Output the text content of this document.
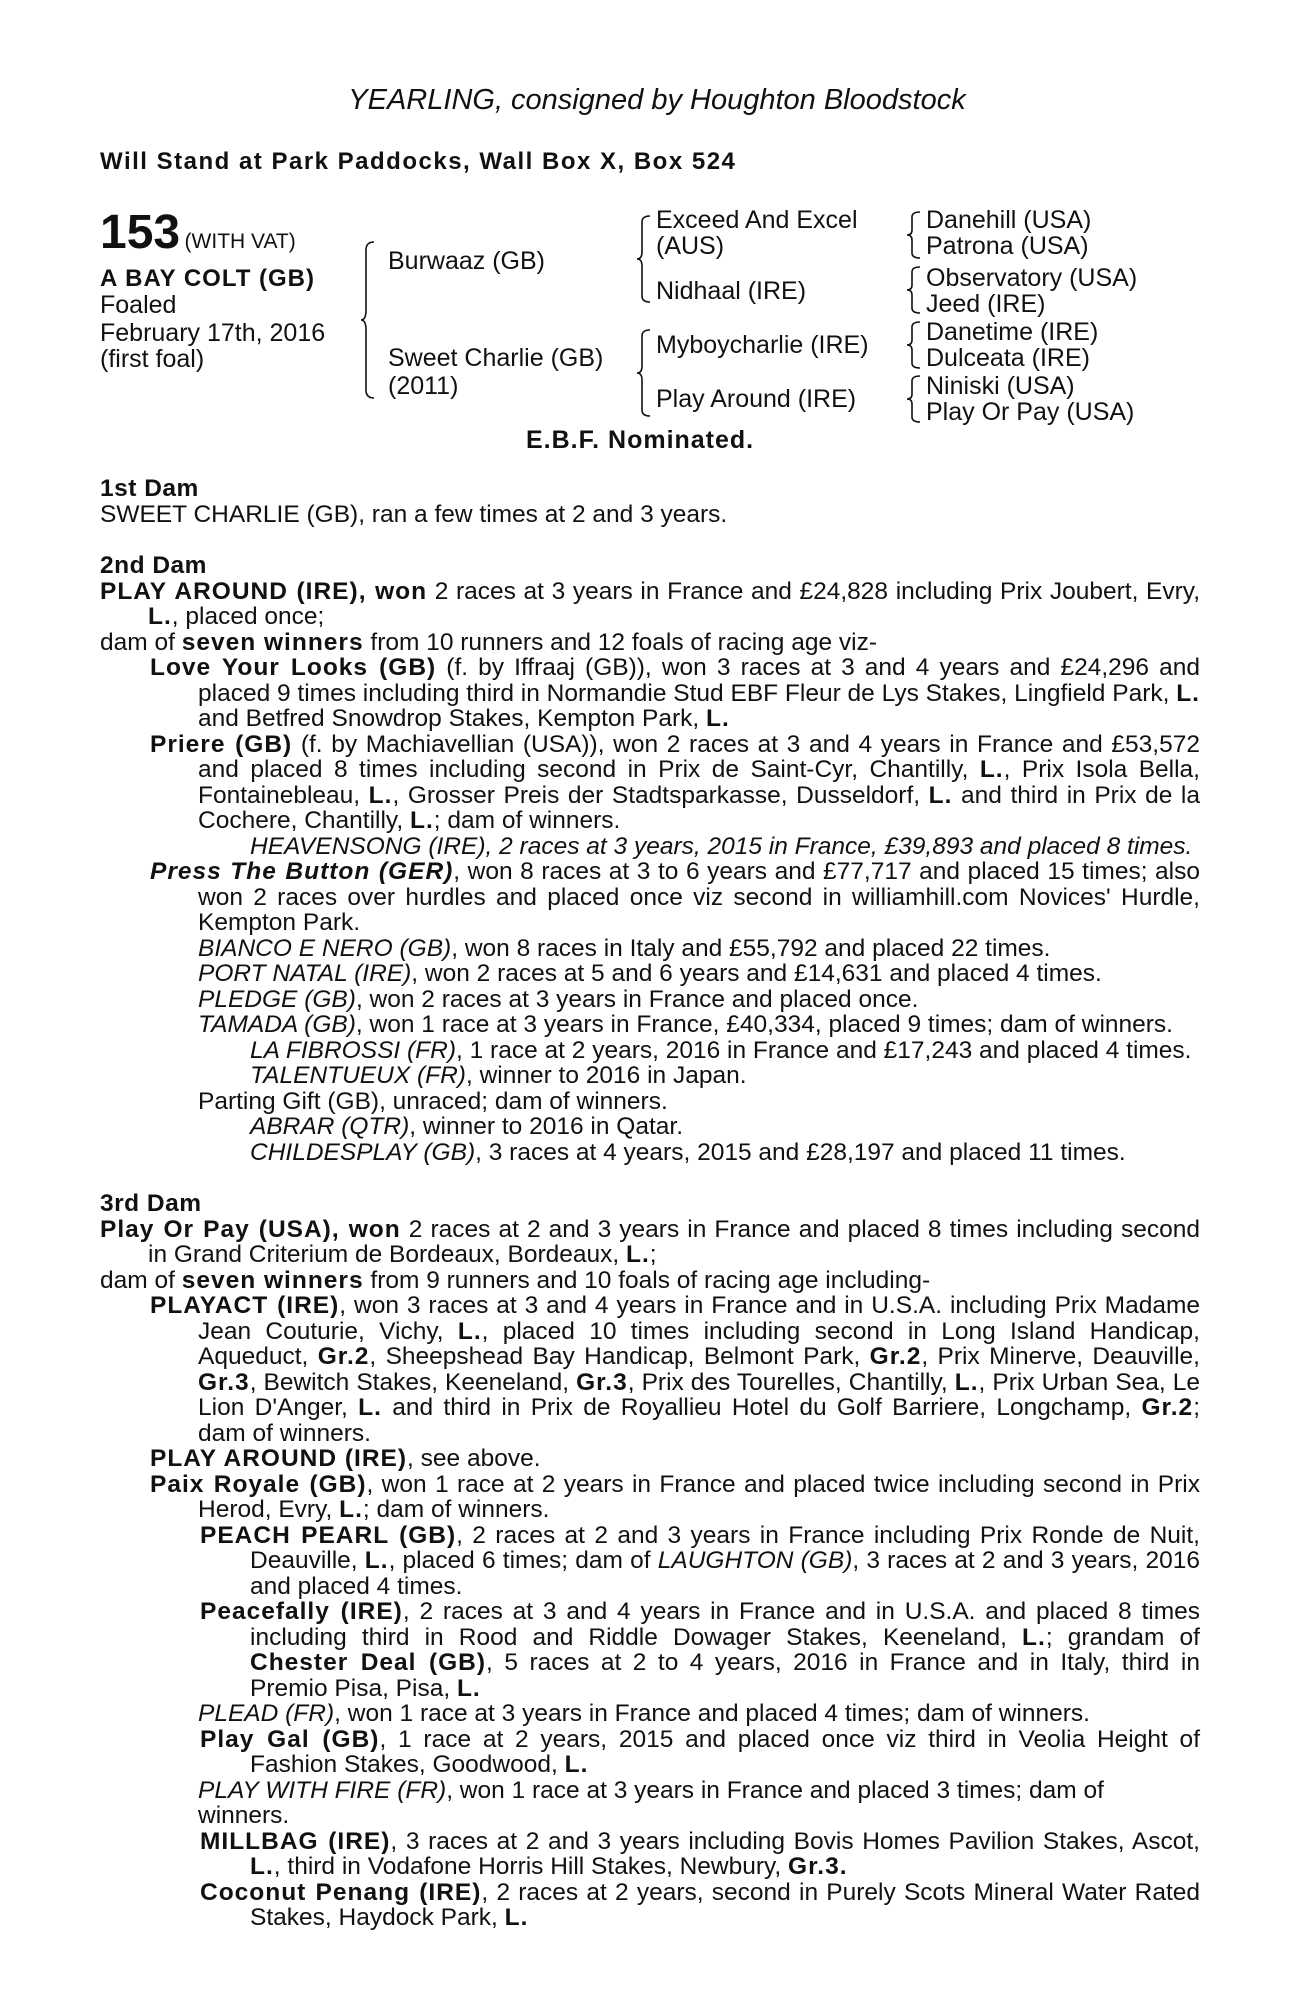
YEARLING, consigned by Houghton Bloodstock
Will Stand at Park Paddocks, Wall Box X, Box 524
153 (WITH VAT)
A BAY COLT (GB)
Foaled
February 17th, 2016
(first foal)
Burwaaz (GB)
Sweet Charlie (GB)
(2011)
Exceed And Excel
(AUS)
Nidhaal (IRE)
Myboycharlie (IRE)
Play Around (IRE)
Danehill (USA)
Patrona (USA)
Observatory (USA)
Jeed (IRE)
Danetime (IRE)
Dulceata (IRE)
Niniski (USA)
Play Or Pay (USA)
E.B.F. Nominated.
1st Dam
SWEET CHARLIE (GB), ran a few times at 2 and 3 years.
2nd Dam
PLAY AROUND (IRE), won 2 races at 3 years in France and £24,828 including Prix Joubert, Evry, L., placed once;
dam of seven winners from 10 runners and 12 foals of racing age viz-
Love Your Looks (GB) (f. by Iffraaj (GB)), won 3 races at 3 and 4 years and £24,296 and placed 9 times including third in Normandie Stud EBF Fleur de Lys Stakes, Lingfield Park, L. and Betfred Snowdrop Stakes, Kempton Park, L.
Priere (GB) (f. by Machiavellian (USA)), won 2 races at 3 and 4 years in France and £53,572 and placed 8 times including second in Prix de Saint-Cyr, Chantilly, L., Prix Isola Bella, Fontainebleau, L., Grosser Preis der Stadtsparkasse, Dusseldorf, L. and third in Prix de la Cochere, Chantilly, L.; dam of winners.
HEAVENSONG (IRE), 2 races at 3 years, 2015 in France, £39,893 and placed 8 times.
Press The Button (GER), won 8 races at 3 to 6 years and £77,717 and placed 15 times; also won 2 races over hurdles and placed once viz second in williamhill.com Novices' Hurdle, Kempton Park.
BIANCO E NERO (GB), won 8 races in Italy and £55,792 and placed 22 times.
PORT NATAL (IRE), won 2 races at 5 and 6 years and £14,631 and placed 4 times.
PLEDGE (GB), won 2 races at 3 years in France and placed once.
TAMADA (GB), won 1 race at 3 years in France, £40,334, placed 9 times; dam of winners.
LA FIBROSSI (FR), 1 race at 2 years, 2016 in France and £17,243 and placed 4 times.
TALENTUEUX (FR), winner to 2016 in Japan.
Parting Gift (GB), unraced; dam of winners.
ABRAR (QTR), winner to 2016 in Qatar.
CHILDESPLAY (GB), 3 races at 4 years, 2015 and £28,197 and placed 11 times.
3rd Dam
Play Or Pay (USA), won 2 races at 2 and 3 years in France and placed 8 times including second in Grand Criterium de Bordeaux, Bordeaux, L.;
dam of seven winners from 9 runners and 10 foals of racing age including-
PLAYACT (IRE), won 3 races at 3 and 4 years in France and in U.S.A. including Prix Madame Jean Couturie, Vichy, L., placed 10 times including second in Long Island Handicap, Aqueduct, Gr.2, Sheepshead Bay Handicap, Belmont Park, Gr.2, Prix Minerve, Deauville, Gr.3, Bewitch Stakes, Keeneland, Gr.3, Prix des Tourelles, Chantilly, L., Prix Urban Sea, Le Lion D'Anger, L. and third in Prix de Royallieu Hotel du Golf Barriere, Longchamp, Gr.2; dam of winners.
PLAY AROUND (IRE), see above.
Paix Royale (GB), won 1 race at 2 years in France and placed twice including second in Prix Herod, Evry, L.; dam of winners.
PEACH PEARL (GB), 2 races at 2 and 3 years in France including Prix Ronde de Nuit, Deauville, L., placed 6 times; dam of LAUGHTON (GB), 3 races at 2 and 3 years, 2016 and placed 4 times.
Peacefally (IRE), 2 races at 3 and 4 years in France and in U.S.A. and placed 8 times including third in Rood and Riddle Dowager Stakes, Keeneland, L.; grandam of Chester Deal (GB), 5 races at 2 to 4 years, 2016 in France and in Italy, third in Premio Pisa, Pisa, L.
PLEAD (FR), won 1 race at 3 years in France and placed 4 times; dam of winners.
Play Gal (GB), 1 race at 2 years, 2015 and placed once viz third in Veolia Height of Fashion Stakes, Goodwood, L.
PLAY WITH FIRE (FR), won 1 race at 3 years in France and placed 3 times; dam of winners.
MILLBAG (IRE), 3 races at 2 and 3 years including Bovis Homes Pavilion Stakes, Ascot, L., third in Vodafone Horris Hill Stakes, Newbury, Gr.3.
Coconut Penang (IRE), 2 races at 2 years, second in Purely Scots Mineral Water Rated Stakes, Haydock Park, L.
